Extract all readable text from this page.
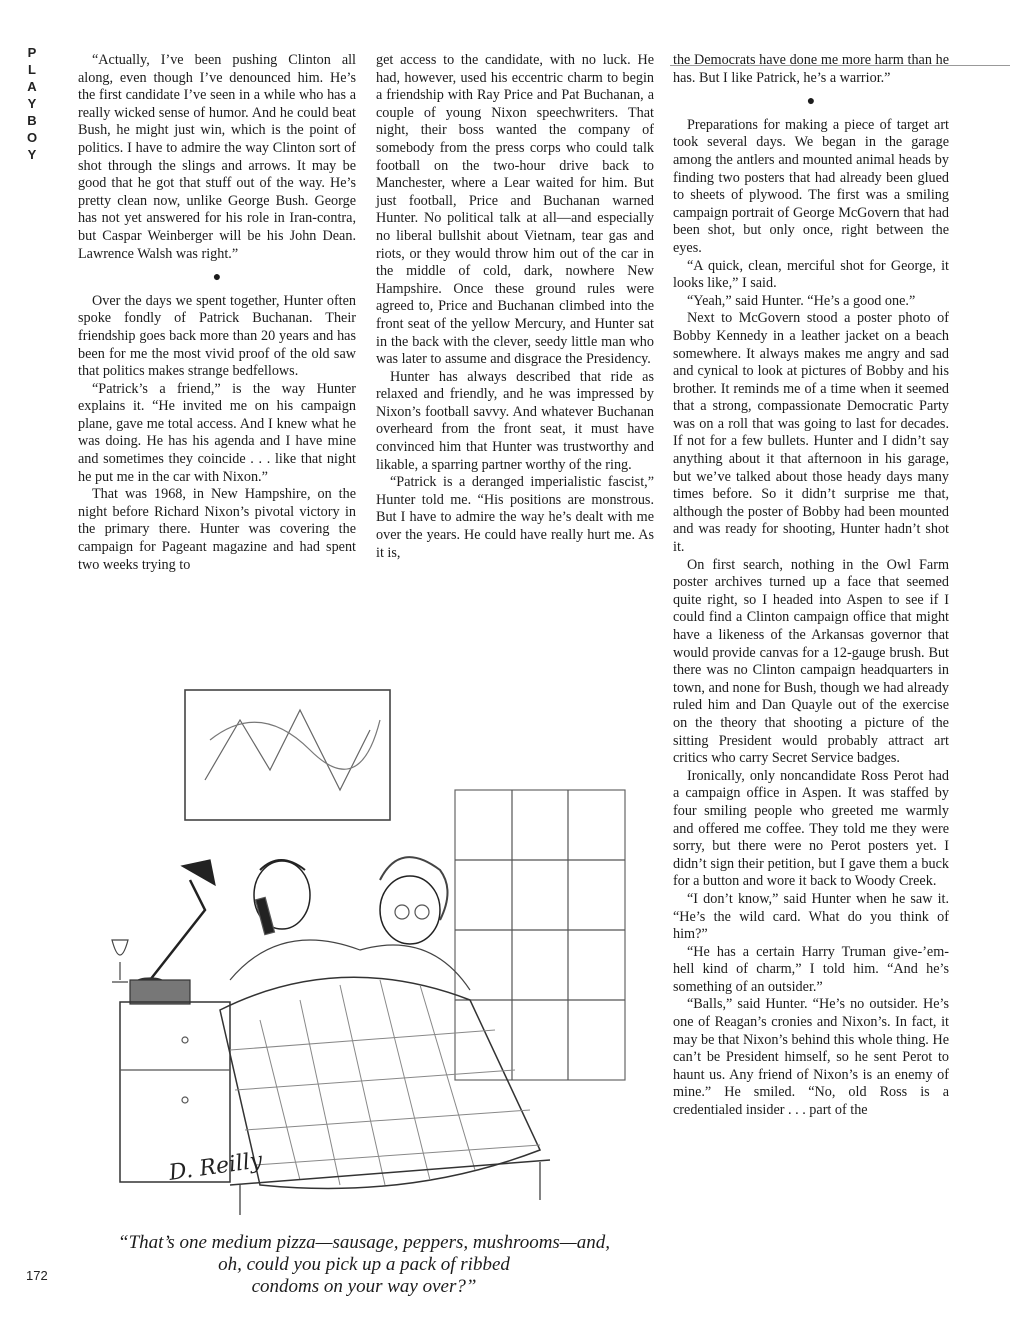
P
L
A
Y
B
O
Y

“Actually, I’ve been pushing Clinton all along, even though I’ve denounced him. He’s the first candidate I’ve seen in a while who has a really wicked sense of humor. And he could beat Bush, he might just win, which is the point of politics. I have to admire the way Clinton sort of shot through the slings and arrows. It may be good that he got that stuff out of the way. He’s pretty clean now, unlike George Bush. George has not yet answered for his role in Iran-contra, but Caspar Weinberger will be his John Dean. Lawrence Walsh was right.”

●

Over the days we spent together, Hunter often spoke fondly of Patrick Buchanan. Their friendship goes back more than 20 years and has been for me the most vivid proof of the old saw that politics makes strange bedfellows.

“Patrick’s a friend,” is the way Hunter explains it. “He invited me on his campaign plane, gave me total access. And I knew what he was doing. He has his agenda and I have mine and sometimes they coincide . . . like that night he put me in the car with Nixon.”

That was 1968, in New Hampshire, on the night before Richard Nixon’s pivotal victory in the primary there. Hunter was covering the campaign for Pageant magazine and had spent two weeks trying to

get access to the candidate, with no luck. He had, however, used his eccentric charm to begin a friendship with Ray Price and Pat Buchanan, a couple of young Nixon speechwriters. That night, their boss wanted the company of somebody from the press corps who could talk football on the two-hour drive back to Manchester, where a Lear waited for him. But just football, Price and Buchanan warned Hunter. No political talk at all—and especially no liberal bullshit about Vietnam, tear gas and riots, or they would throw him out of the car in the middle of cold, dark, nowhere New Hampshire. Once these ground rules were agreed to, Price and Buchanan climbed into the front seat of the yellow Mercury, and Hunter sat in the back with the clever, seedy little man who was later to assume and disgrace the Presidency.

Hunter has always described that ride as relaxed and friendly, and he was impressed by Nixon’s football savvy. And whatever Buchanan overheard from the front seat, it must have convinced him that Hunter was trustworthy and likable, a sparring partner worthy of the ring.

“Patrick is a deranged imperialistic fascist,” Hunter told me. “His positions are monstrous. But I have to admire the way he’s dealt with me over the years. He could have really hurt me. As it is,

the Democrats have done me more harm than he has. But I like Patrick, he’s a warrior.”

●

Preparations for making a piece of target art took several days. We began in the garage among the antlers and mounted animal heads by finding two posters that had already been glued to sheets of plywood. The first was a smiling campaign portrait of George McGovern that had been shot, but only once, right between the eyes.

“A quick, clean, merciful shot for George, it looks like,” I said.

“Yeah,” said Hunter. “He’s a good one.”

Next to McGovern stood a poster photo of Bobby Kennedy in a leather jacket on a beach somewhere. It always makes me angry and sad and cynical to look at pictures of Bobby and his brother. It reminds me of a time when it seemed that a strong, compassionate Democratic Party was on a roll that was going to last for decades. If not for a few bullets. Hunter and I didn’t say anything about it that afternoon in his garage, but we’ve talked about those heady days many times before. So it didn’t surprise me that, although the poster of Bobby had been mounted and was ready for shooting, Hunter hadn’t shot it.

On first search, nothing in the Owl Farm poster archives turned up a face that seemed quite right, so I headed into Aspen to see if I could find a Clinton campaign office that might have a likeness of the Arkansas governor that would provide canvas for a 12-gauge brush. But there was no Clinton campaign headquarters in town, and none for Bush, though we had already ruled him and Dan Quayle out of the exercise on the theory that shooting a picture of the sitting President would probably attract art critics who carry Secret Service badges.

Ironically, only noncandidate Ross Perot had a campaign office in Aspen. It was staffed by four smiling people who greeted me warmly and offered me coffee. They told me they were sorry, but there were no Perot posters yet. I didn’t sign their petition, but I gave them a buck for a button and wore it back to Woody Creek.

“I don’t know,” said Hunter when he saw it. “He’s the wild card. What do you think of him?”

“He has a certain Harry Truman give-’em-hell kind of charm,” I told him. “And he’s something of an outsider.”

“Balls,” said Hunter. “He’s no outsider. He’s one of Reagan’s cronies and Nixon’s. In fact, it may be that Nixon’s behind this whole thing. He can’t be President himself, so he sent Perot to haunt us. Any friend of Nixon’s is an enemy of mine.” He smiled. “No, old Ross is a credentialed insider . . . part of the

D. Reilly
“That’s one medium pizza—sausage, peppers, mushrooms—and,
oh, could you pick up a pack of ribbed
condoms on your way over?”
172
